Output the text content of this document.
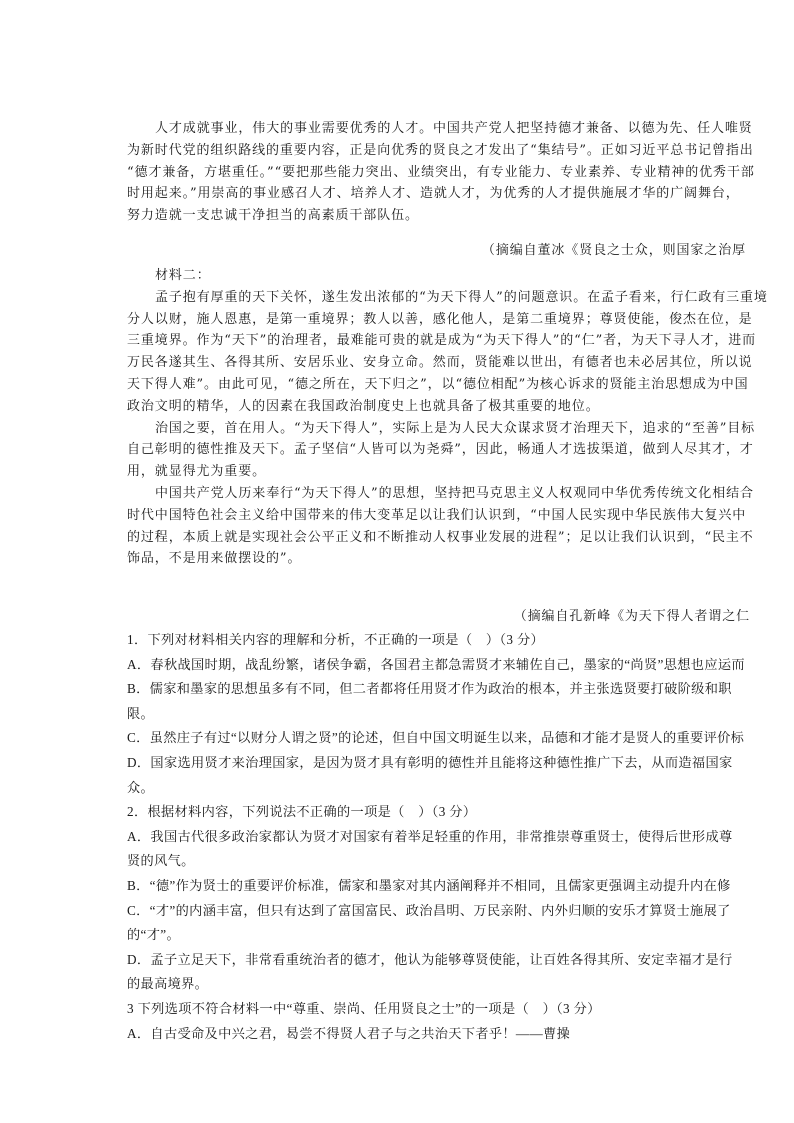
人才成就事业，伟大的事业需要优秀的人才。中国共产党人把坚持德才兼备、以德为先、任人唯贤
为新时代党的组织路线的重要内容，正是向优秀的贤良之才发出了“集结号”。正如习近平总书记曾指出
“德才兼备，方堪重任。”“要把那些能力突出、业绩突出，有专业能力、专业素养、专业精神的优秀干部
时用起来。”用崇高的事业感召人才、培养人才、造就人才，为优秀的人才提供施展才华的广阔舞台，
努力造就一支忠诚干净担当的高素质干部队伍。
（摘编自董冰《贤良之士众，则国家之治厚
材料二：
孟子抱有厚重的天下关怀，遂生发出浓郁的“为天下得人”的问题意识。在孟子看来，行仁政有三重境
分人以财，施人恩惠，是第一重境界；教人以善，感化他人，是第二重境界；尊贤使能，俊杰在位，是
三重境界。作为“天下”的治理者，最难能可贵的就是成为“为天下得人”的“仁”者，为天下寻人才，进而
万民各遂其生、各得其所、安居乐业、安身立命。然而，贤能难以世出，有德者也未必居其位，所以说
天下得人难”。由此可见，“德之所在，天下归之”，以“德位相配”为核心诉求的贤能主治思想成为中国
政治文明的精华，人的因素在我国政治制度史上也就具备了极其重要的地位。
治国之要，首在用人。“为天下得人”，实际上是为人民大众谋求贤才治理天下，追求的“至善”目标
自己彰明的德性推及天下。孟子坚信“人皆可以为尧舜”，因此，畅通人才选拔渠道，做到人尽其才，才
用，就显得尤为重要。
中国共产党人历来奉行“为天下得人”的思想，坚持把马克思主义人权观同中华优秀传统文化相结合
时代中国特色社会主义给中国带来的伟大变革足以让我们认识到，“中国人民实现中华民族伟大复兴中
的过程，本质上就是实现社会公平正义和不断推动人权事业发展的进程”；足以让我们认识到，“民主不
饰品，不是用来做摆设的”。
（摘编自孔新峰《为天下得人者谓之仁
1．下列对材料相关内容的理解和分析，不正确的一项是（　）（3 分）
A．春秋战国时期，战乱纷繁，诸侯争霸，各国君主都急需贤才来辅佐自己，墨家的“尚贤”思想也应运而
B．儒家和墨家的思想虽多有不同，但二者都将任用贤才作为政治的根本，并主张选贤要打破阶级和职
限。
C．虽然庄子有过“以财分人谓之贤”的论述，但自中国文明诞生以来，品德和才能才是贤人的重要评价标
D．国家选用贤才来治理国家，是因为贤才具有彰明的德性并且能将这种德性推广下去，从而造福国家
众。
2．根据材料内容，下列说法不正确的一项是（　）（3 分）
A．我国古代很多政治家都认为贤才对国家有着举足轻重的作用，非常推崇尊重贤士，使得后世形成尊
贤的风气。
B．“德”作为贤士的重要评价标准，儒家和墨家对其内涵阐释并不相同，且儒家更强调主动提升内在修
C．“才”的内涵丰富，但只有达到了富国富民、政治昌明、万民亲附、内外归顺的安乐才算贤士施展了
的“才”。
D．孟子立足天下，非常看重统治者的德才，他认为能够尊贤使能，让百姓各得其所、安定幸福才是行
的最高境界。
3 下列选项不符合材料一中“尊重、崇尚、任用贤良之士”的一项是（　）（3 分）
A．自古受命及中兴之君，曷尝不得贤人君子与之共治天下者乎！——曹操
